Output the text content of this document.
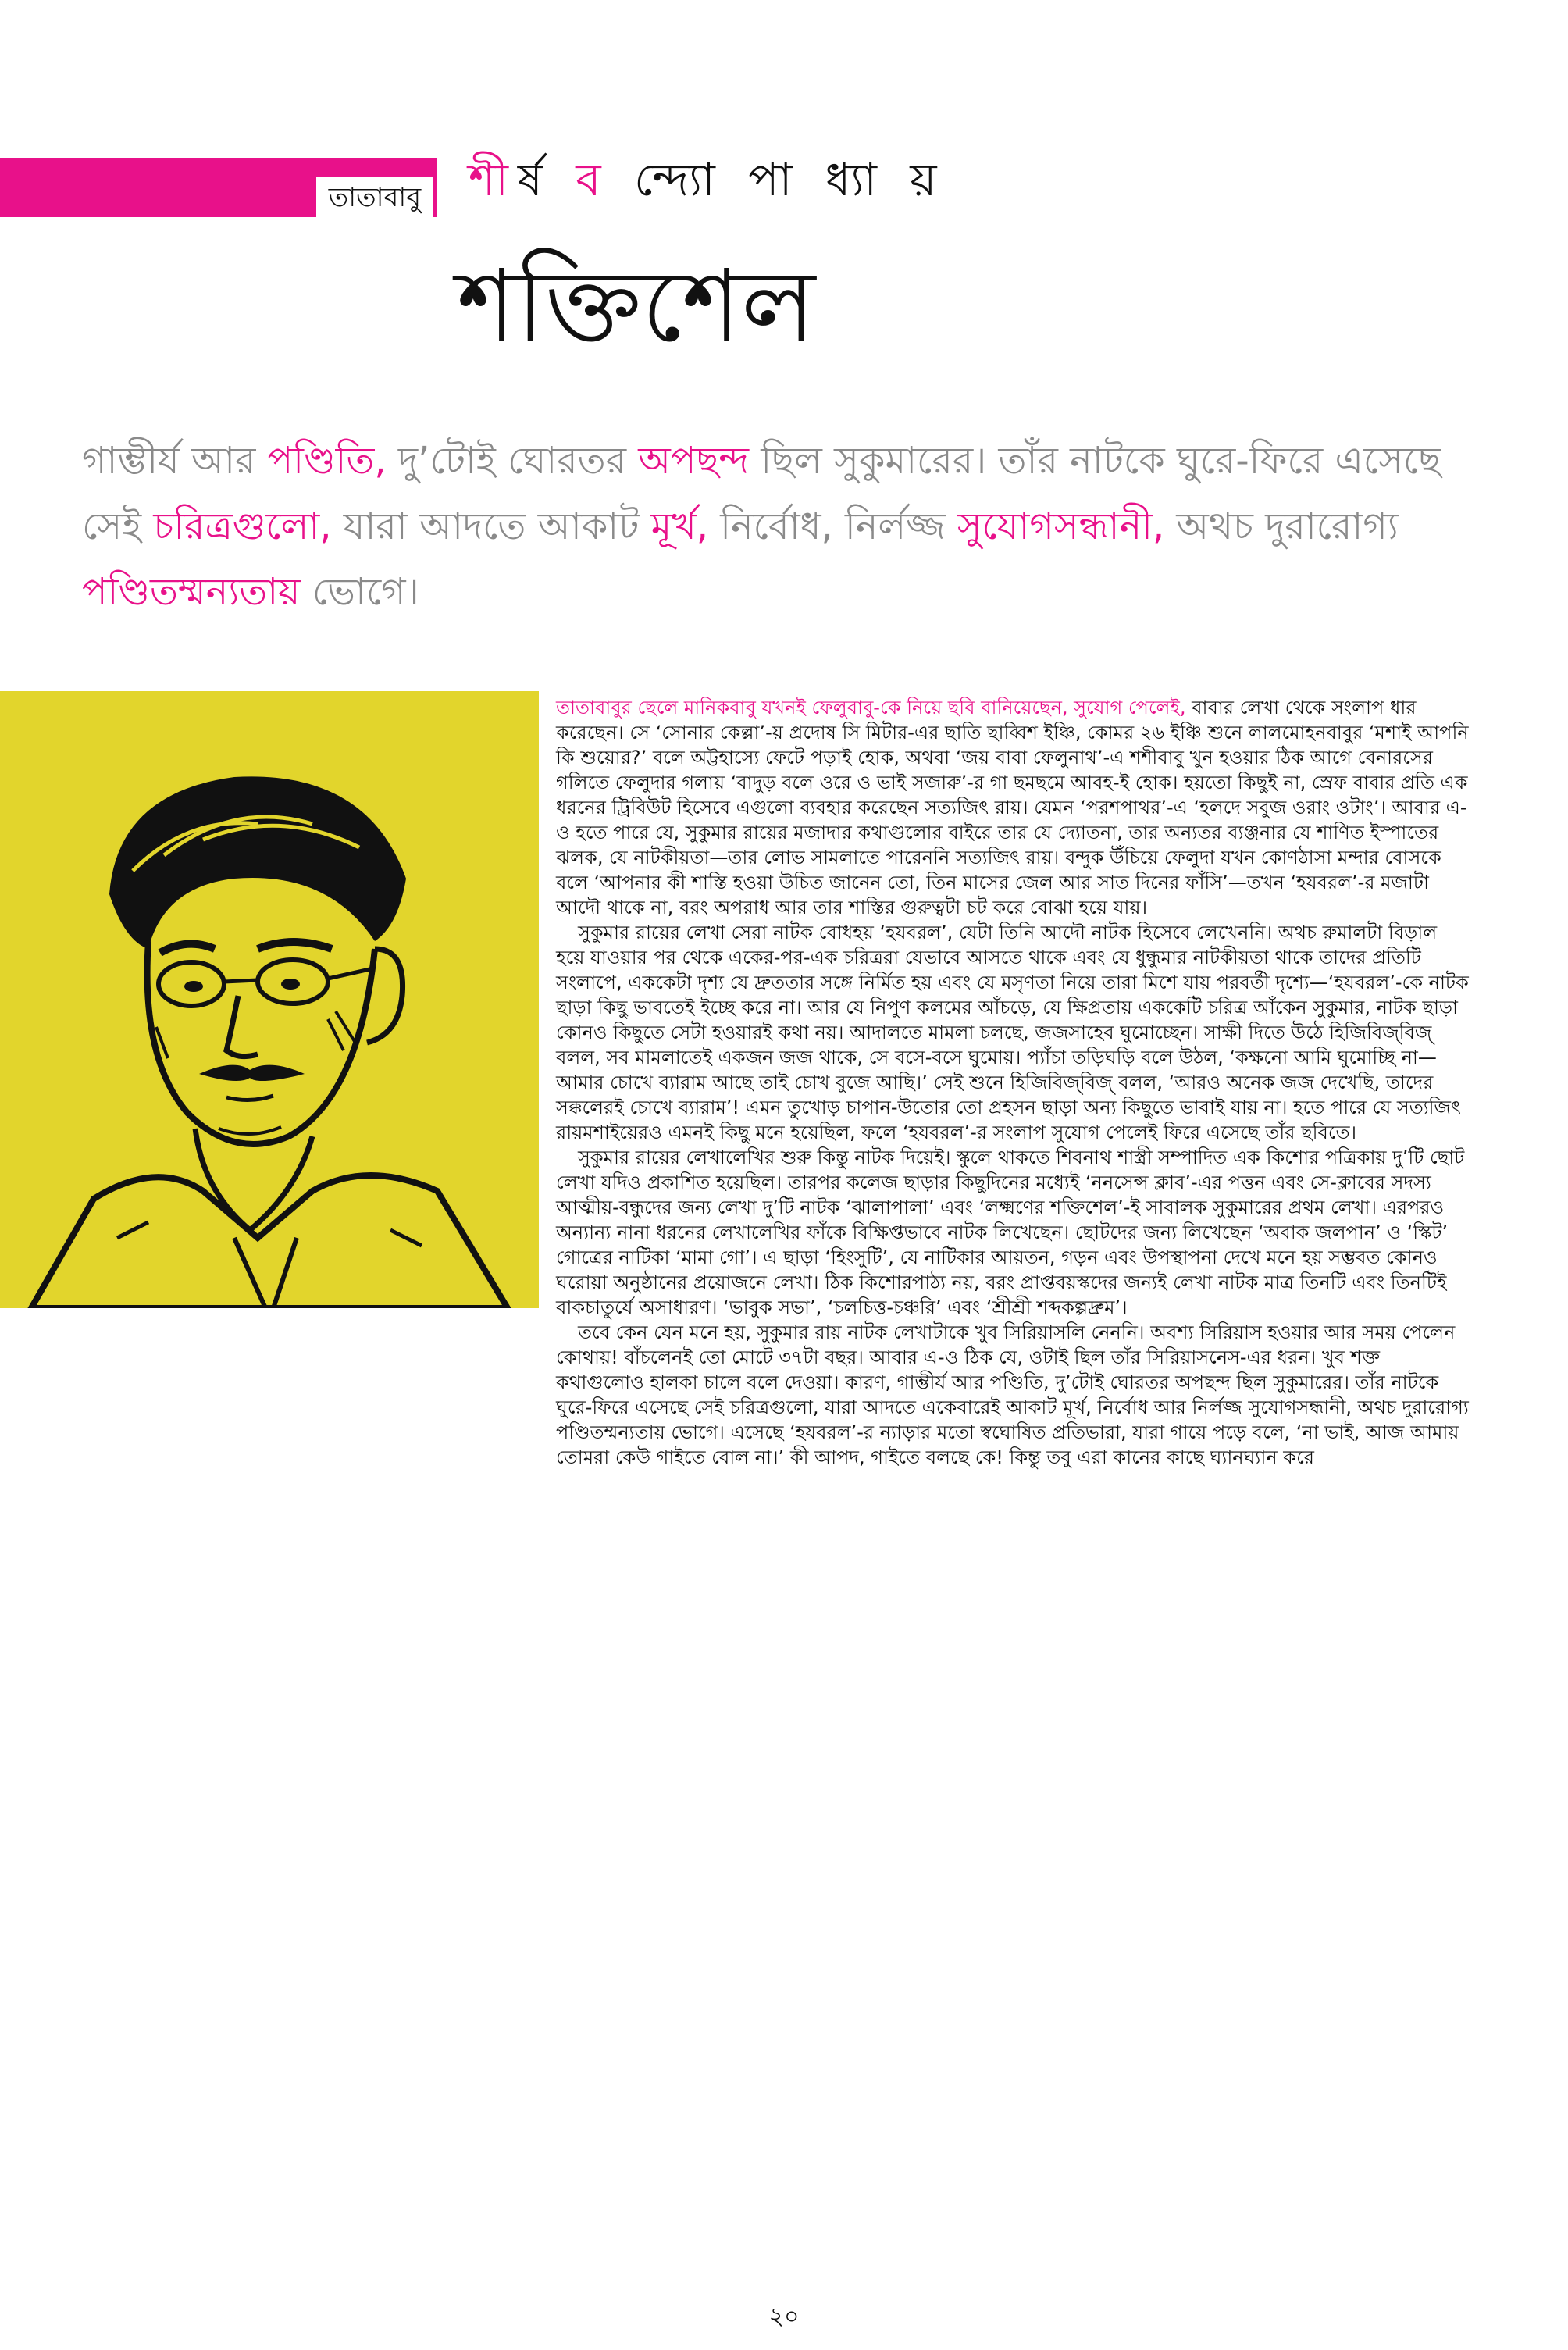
তাতাবাবু শীর্ষ ব ন্দ্যো পা ধ্যা য়
শক্তিশেল
গাম্ভীর্য আর পণ্ডিতি, দু’টোই ঘোরতর অপছন্দ ছিল সুকুমারের। তাঁর নাটকে ঘুরে-ফিরে এসেছে সেই চরিত্রগুলো, যারা আদতে আকাট মূর্খ, নির্বোধ, নির্লজ্জ সুযোগসন্ধানী, অথচ দুরারোগ্য পণ্ডিতম্মন্যতায় ভোগে।

তাতাবাবুর ছেলে মানিকবাবু যখনই ফেলুবাবু-কে নিয়ে ছবি বানিয়েছেন, সুযোগ পেলেই, বাবার লেখা থেকে সংলাপ ধার করেছেন। সে ‘সোনার কেল্লা’-য় প্রদোষ সি মিটার-এর ছাতি ছাব্বিশ ইঞ্চি, কোমর ২৬ ইঞ্চি শুনে লালমোহনবাবুর ‘মশাই আপনি কি শুয়োর?’ বলে অট্টহাস্যে ফেটে পড়াই হোক, অথবা ‘জয় বাবা ফেলুনাথ’-এ শশীবাবু খুন হওয়ার ঠিক আগে বেনারসের গলিতে ফেলুদার গলায় ‘বাদুড় বলে ওরে ও ভাই সজারু’-র গা ছমছমে আবহ-ই হোক। হয়তো কিছুই না, স্রেফ বাবার প্রতি এক ধরনের ট্রিবিউট হিসেবে এগুলো ব্যবহার করেছেন সত্যজিৎ রায়। যেমন ‘পরশপাথর’-এ ‘হলদে সবুজ ওরাং ওটাং’। আবার এ-ও হতে পারে যে, সুকুমার রায়ের মজাদার কথাগুলোর বাইরে তার যে দ্যোতনা, তার অন্যতর ব্যঞ্জনার যে শাণিত ইস্পাতের ঝলক, যে নাটকীয়তা—তার লোভ সামলাতে পারেননি সত্যজিৎ রায়। বন্দুক উঁচিয়ে ফেলুদা যখন কোণঠাসা মন্দার বোসকে বলে ‘আপনার কী শাস্তি হওয়া উচিত জানেন তো, তিন মাসের জেল আর সাত দিনের ফাঁসি’—তখন ‘হযবরল’-র মজাটা আদৌ থাকে না, বরং অপরাধ আর তার শাস্তির গুরুত্বটা চট করে বোঝা হয়ে যায়।

সুকুমার রায়ের লেখা সেরা নাটক বোধহয় ‘হযবরল’, যেটা তিনি আদৌ নাটক হিসেবে লেখেননি। অথচ রুমালটা বিড়াল হয়ে যাওয়ার পর থেকে একের-পর-এক চরিত্ররা যেভাবে আসতে থাকে এবং যে ধুন্ধুমার নাটকীয়তা থাকে তাদের প্রতিটি সংলাপে, এককেটা দৃশ্য যে দ্রুততার সঙ্গে নির্মিত হয় এবং যে মসৃণতা নিয়ে তারা মিশে যায় পরবর্তী দৃশ্যে—‘হযবরল’-কে নাটক ছাড়া কিছু ভাবতেই ইচ্ছে করে না। আর যে নিপুণ কলমের আঁচড়ে, যে ক্ষিপ্রতায় এককেটি চরিত্র আঁকেন সুকুমার, নাটক ছাড়া কোনও কিছুতে সেটা হওয়ারই কথা নয়। আদালতে মামলা চলছে, জজসাহেব ঘুমোচ্ছেন। সাক্ষী দিতে উঠে হিজিবিজ্‌বিজ্ বলল, সব মামলাতেই একজন জজ থাকে, সে বসে-বসে ঘুমোয়। প্যাঁচা তড়িঘড়ি বলে উঠল, ‘কক্ষনো আমি ঘুমোচ্ছি না—আমার চোখে ব্যারাম আছে তাই চোখ বুজে আছি।’ সেই শুনে হিজিবিজ্‌বিজ্ বলল, ‘আরও অনেক জজ দেখেছি, তাদের সক্কলেরই চোখে ব্যারাম’! এমন তুখোড় চাপান-উতোর তো প্রহসন ছাড়া অন্য কিছুতে ভাবাই যায় না। হতে পারে যে সত্যজিৎ রায়মশাইয়েরও এমনই কিছু মনে হয়েছিল, ফলে ‘হযবরল’-র সংলাপ সুযোগ পেলেই ফিরে এসেছে তাঁর ছবিতে।

সুকুমার রায়ের লেখালেখির শুরু কিন্তু নাটক দিয়েই। স্কুলে থাকতে শিবনাথ শাস্ত্রী সম্পাদিত এক কিশোর পত্রিকায় দু’টি ছোট লেখা যদিও প্রকাশিত হয়েছিল। তারপর কলেজ ছাড়ার কিছুদিনের মধ্যেই ‘ননসেন্স ক্লাব’-এর পত্তন এবং সে-ক্লাবের সদস্য আত্মীয়-বন্ধুদের জন্য লেখা দু’টি নাটক ‘ঝালাপালা’ এবং ‘লক্ষ্মণের শক্তিশেল’-ই সাবালক সুকুমারের প্রথম লেখা। এরপরও অন্যান্য নানা ধরনের লেখালেখির ফাঁকে বিক্ষিপ্তভাবে নাটক লিখেছেন। ছোটদের জন্য লিখেছেন ‘অবাক জলপান’ ও ‘স্কিট’ গোত্রের নাটিকা ‘মামা গো’। এ ছাড়া ‘হিংসুটি’, যে নাটিকার আয়তন, গড়ন এবং উপস্থাপনা দেখে মনে হয় সম্ভবত কোনও ঘরোয়া অনুষ্ঠানের প্রয়োজনে লেখা। ঠিক কিশোরপাঠ্য নয়, বরং প্রাপ্তবয়স্কদের জন্যই লেখা নাটক মাত্র তিনটি এবং তিনটিই বাকচাতুর্যে অসাধারণ। ‘ভাবুক সভা’, ‘চলচিত্ত-চঞ্চরি’ এবং ‘শ্রীশ্রী শব্দকল্পদ্রুম’।

তবে কেন যেন মনে হয়, সুকুমার রায় নাটক লেখাটাকে খুব সিরিয়াসলি নেননি। অবশ্য সিরিয়াস হওয়ার আর সময় পেলেন কোথায়! বাঁচলেনই তো মোটে ৩৭টা বছর। আবার এ-ও ঠিক যে, ওটাই ছিল তাঁর সিরিয়াসনেস-এর ধরন। খুব শক্ত কথাগুলোও হালকা চালে বলে দেওয়া। কারণ, গাম্ভীর্য আর পণ্ডিতি, দু’টোই ঘোরতর অপছন্দ ছিল সুকুমারের। তাঁর নাটকে ঘুরে-ফিরে এসেছে সেই চরিত্রগুলো, যারা আদতে একেবারেই আকাট মূর্খ, নির্বোধ আর নির্লজ্জ সুযোগসন্ধানী, অথচ দুরারোগ্য পণ্ডিতম্মন্যতায় ভোগে। এসেছে ‘হযবরল’-র ন্যাড়ার মতো স্বঘোষিত প্রতিভারা, যারা গায়ে পড়ে বলে, ‘না ভাই, আজ আমায় তোমরা কেউ গাইতে বোল না।’ কী আপদ, গাইতে বলছে কে! কিন্তু তবু এরা কানের কাছে ঘ্যানঘ্যান করে

২০
